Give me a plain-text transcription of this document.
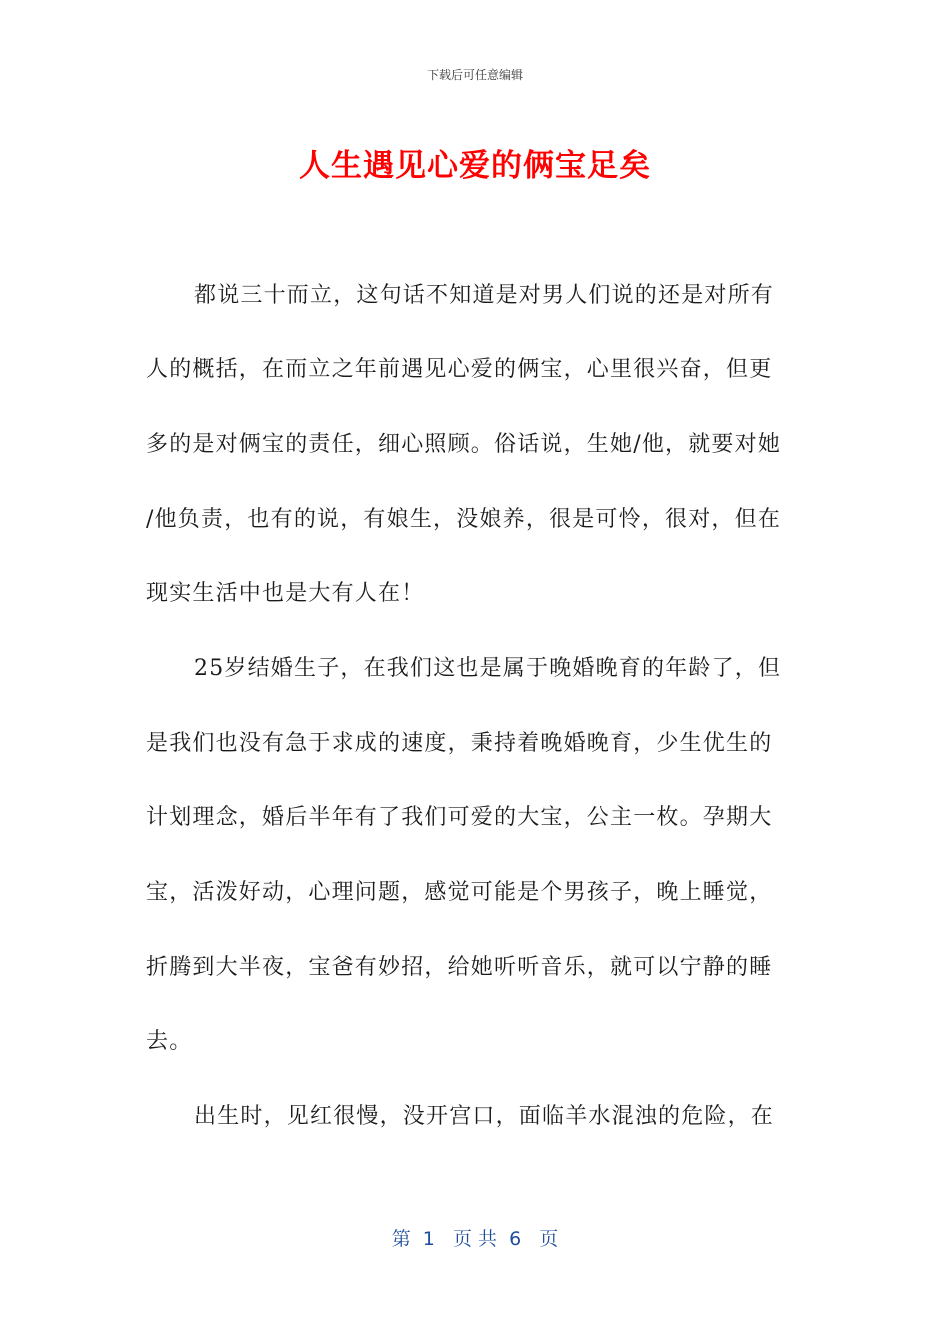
下载后可任意编辑
人生遇见心爱的俩宝足矣
都说三十而立，这句话不知道是对男人们说的还是对所有
人的概括，在而立之年前遇见心爱的俩宝，心里很兴奋，但更
多的是对俩宝的责任，细心照顾。俗话说，生她/他，就要对她
/他负责，也有的说，有娘生，没娘养，很是可怜，很对，但在
现实生活中也是大有人在！
25岁结婚生子，在我们这也是属于晚婚晚育的年龄了，但
是我们也没有急于求成的速度，秉持着晚婚晚育，少生优生的
计划理念，婚后半年有了我们可爱的大宝，公主一枚。孕期大
宝，活泼好动，心理问题，感觉可能是个男孩子，晚上睡觉，
折腾到大半夜，宝爸有妙招，给她听听音乐，就可以宁静的睡
去。
出生时，见红很慢，没开宫口，面临羊水混浊的危险，在
第  1   页 共  6   页
